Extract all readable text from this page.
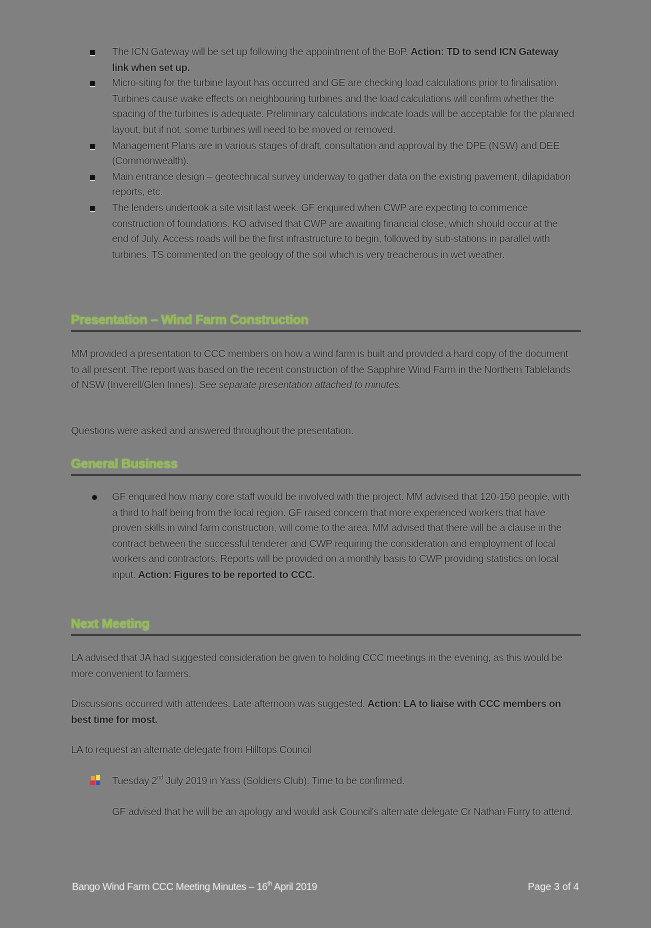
The ICN Gateway will be set up following the appointment of the BoP. Action: TD to send ICN Gateway link when set up.
Micro-siting for the turbine layout has occurred and GE are checking load calculations prior to finalisation. Turbines cause wake effects on neighbouring turbines and the load calculations will confirm whether the spacing of the turbines is adequate. Preliminary calculations indicate loads will be acceptable for the planned layout, but if not, some turbines will need to be moved or removed.
Management Plans are in various stages of draft, consultation and approval by the DPE (NSW) and DEE (Commonwealth).
Main entrance design – geotechnical survey underway to gather data on the existing pavement, dilapidation reports, etc.
The lenders undertook a site visit last week. GF enquired when CWP are expecting to commence construction of foundations. KO advised that CWP are awaiting financial close, which should occur at the end of July. Access roads will be the first infrastructure to begin, followed by sub-stations in parallel with turbines. TS commented on the geology of the soil which is very treacherous in wet weather.
Presentation – Wind Farm Construction
MM provided a presentation to CCC members on how a wind farm is built and provided a hard copy of the document to all present. The report was based on the recent construction of the Sapphire Wind Farm in the Northern Tablelands of NSW (Inverell/Glen Innes). See separate presentation attached to minutes.
Questions were asked and answered throughout the presentation.
General Business
GF enquired how many core staff would be involved with the project. MM advised that 120-150 people, with a third to half being from the local region. GF raised concern that more experienced workers that have proven skills in wind farm construction, will come to the area. MM advised that there will be a clause in the contract between the successful tenderer and CWP requiring the consideration and employment of local workers and contractors. Reports will be provided on a monthly basis to CWP providing statistics on local input. Action: Figures to be reported to CCC.
Next Meeting
LA advised that JA had suggested consideration be given to holding CCC meetings in the evening, as this would be more convenient to farmers.
Discussions occurred with attendees. Late afternoon was suggested. Action: LA to liaise with CCC members on best time for most.
LA to request an alternate delegate from Hilltops Council
Tuesday 2nd July 2019 in Yass (Soldiers Club). Time to be confirmed.
GF advised that he will be an apology and would ask Council's alternate delegate Cr Nathan Furry to attend.
Bango Wind Farm CCC Meeting Minutes – 16th April 2019	Page 3 of 4
